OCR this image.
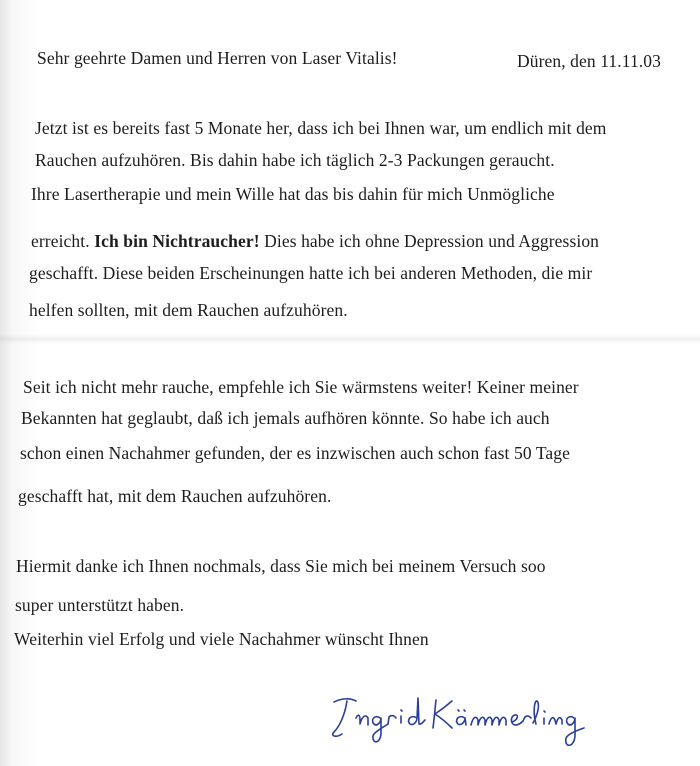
Sehr geehrte Damen und Herren von Laser Vitalis!	Düren, den 11.11.03
Jetzt ist es bereits fast 5 Monate her, dass ich bei Ihnen war, um endlich mit dem
Rauchen aufzuhören. Bis dahin habe ich täglich 2-3 Packungen geraucht.
Ihre Lasertherapie und mein Wille hat das bis dahin für mich Unmögliche
erreicht. Ich bin Nichtraucher! Dies habe ich ohne Depression und Aggression
geschafft. Diese beiden Erscheinungen hatte ich bei anderen Methoden, die mir
helfen sollten, mit dem Rauchen aufzuhören.
Seit ich nicht mehr rauche, empfehle ich Sie wärmstens weiter! Keiner meiner
Bekannten hat geglaubt, daß ich jemals aufhören könnte. So habe ich auch
schon einen Nachahmer gefunden, der es inzwischen auch schon fast 50 Tage
geschafft hat, mit dem Rauchen aufzuhören.
Hiermit danke ich Ihnen nochmals, dass Sie mich bei meinem Versuch soo
super unterstützt haben.
Weiterhin viel Erfolg und viele Nachahmer wünscht Ihnen
